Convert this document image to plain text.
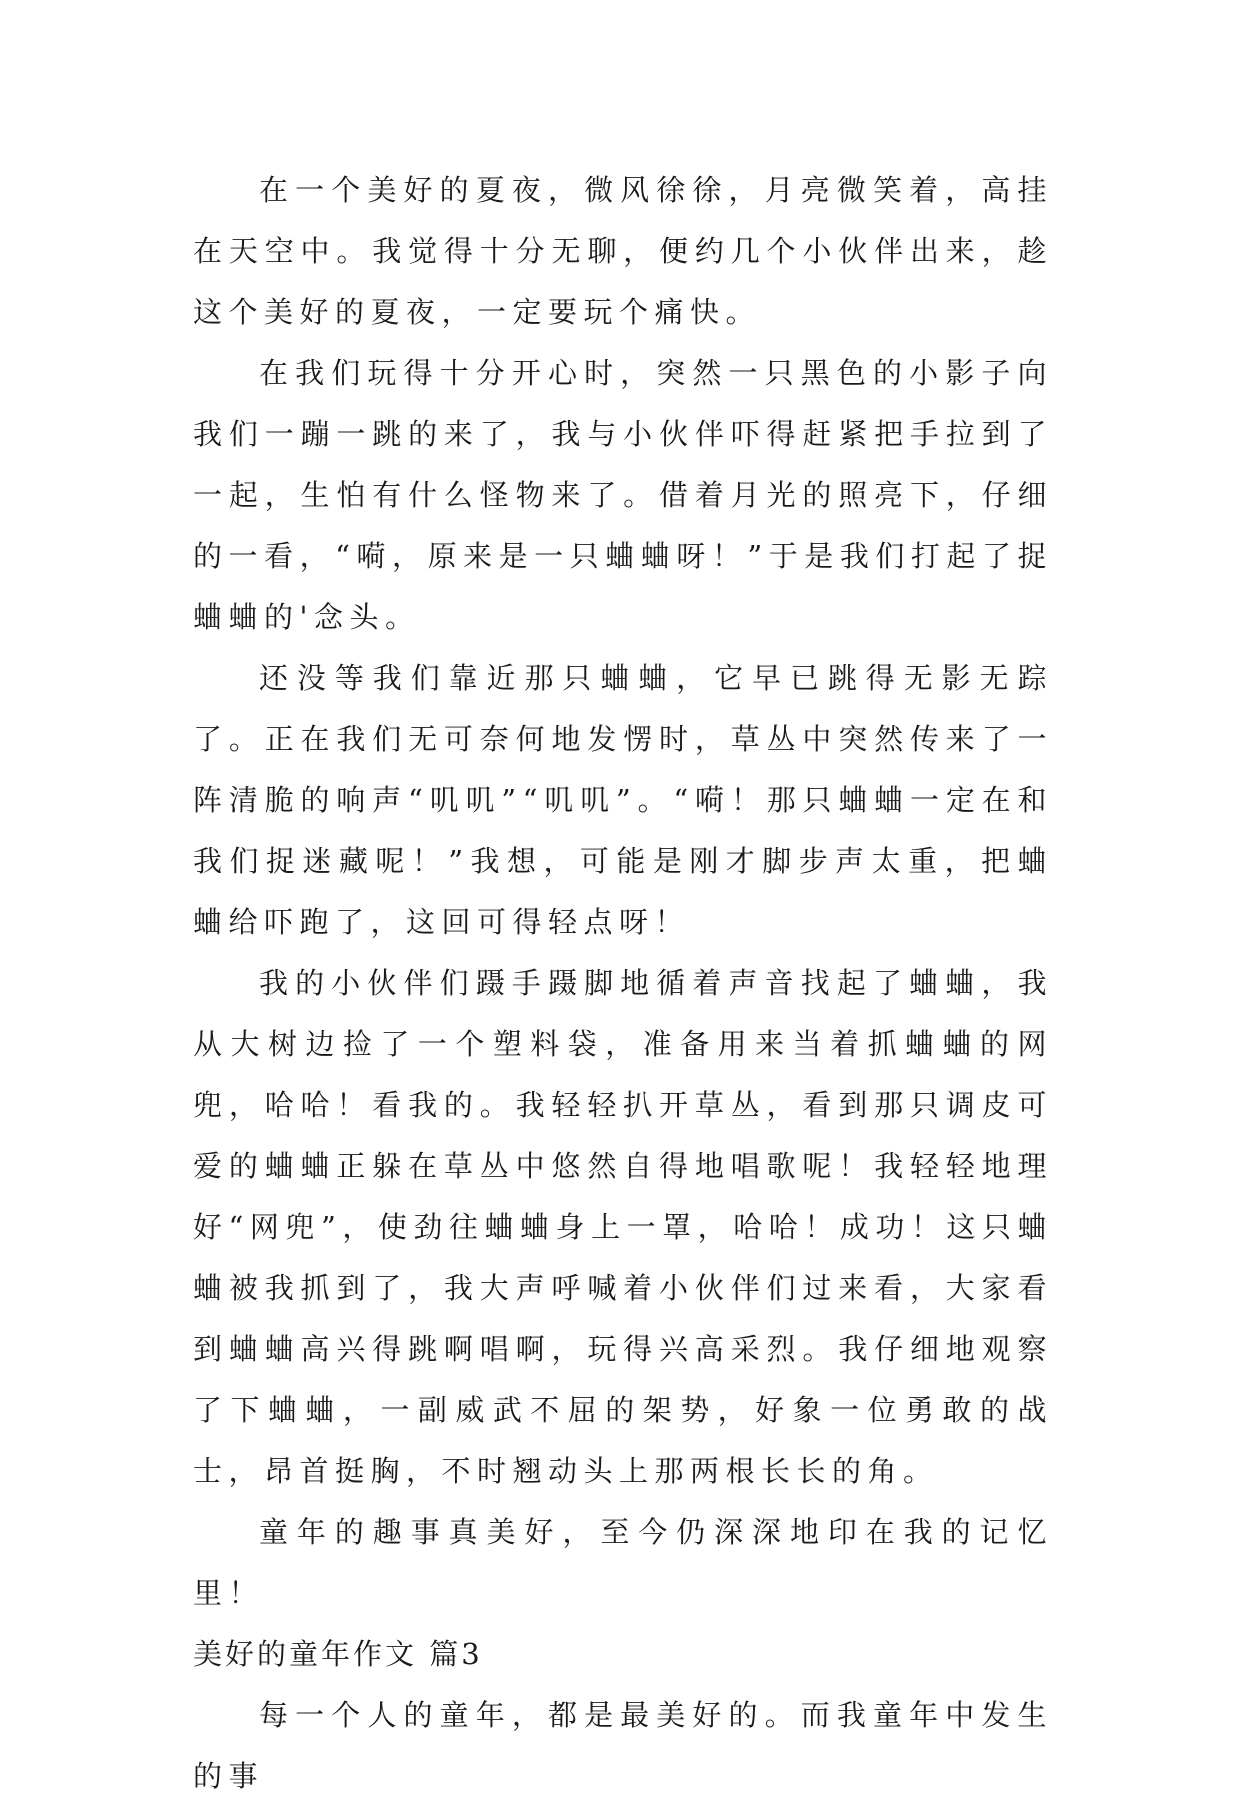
在一个美好的夏夜，微风徐徐，月亮微笑着，高挂在天空中。我觉得十分无聊，便约几个小伙伴出来，趁这个美好的夏夜，一定要玩个痛快。

在我们玩得十分开心时，突然一只黑色的小影子向我们一蹦一跳的来了，我与小伙伴吓得赶紧把手拉到了一起，生怕有什么怪物来了。借着月光的照亮下，仔细的一看，“嗬，原来是一只蛐蛐呀！”于是我们打起了捉蛐蛐的'念头。

还没等我们靠近那只蛐蛐，它早已跳得无影无踪了。正在我们无可奈何地发愣时，草丛中突然传来了一阵清脆的响声“叽叽”“叽叽”。“嗬！那只蛐蛐一定在和我们捉迷藏呢！”我想，可能是刚才脚步声太重，把蛐蛐给吓跑了，这回可得轻点呀！

我的小伙伴们蹑手蹑脚地循着声音找起了蛐蛐，我从大树边捡了一个塑料袋，准备用来当着抓蛐蛐的网兜，哈哈！看我的。我轻轻扒开草丛，看到那只调皮可爱的蛐蛐正躲在草丛中悠然自得地唱歌呢！我轻轻地理好“网兜”，使劲往蛐蛐身上一罩，哈哈！成功！这只蛐蛐被我抓到了，我大声呼喊着小伙伴们过来看，大家看到蛐蛐高兴得跳啊唱啊，玩得兴高采烈。我仔细地观察了下蛐蛐，一副威武不屈的架势，好象一位勇敢的战士，昂首挺胸，不时翘动头上那两根长长的角。

童年的趣事真美好，至今仍深深地印在我的记忆里！

美好的童年作文 篇3

每一个人的童年，都是最美好的。而我童年中发生的事
